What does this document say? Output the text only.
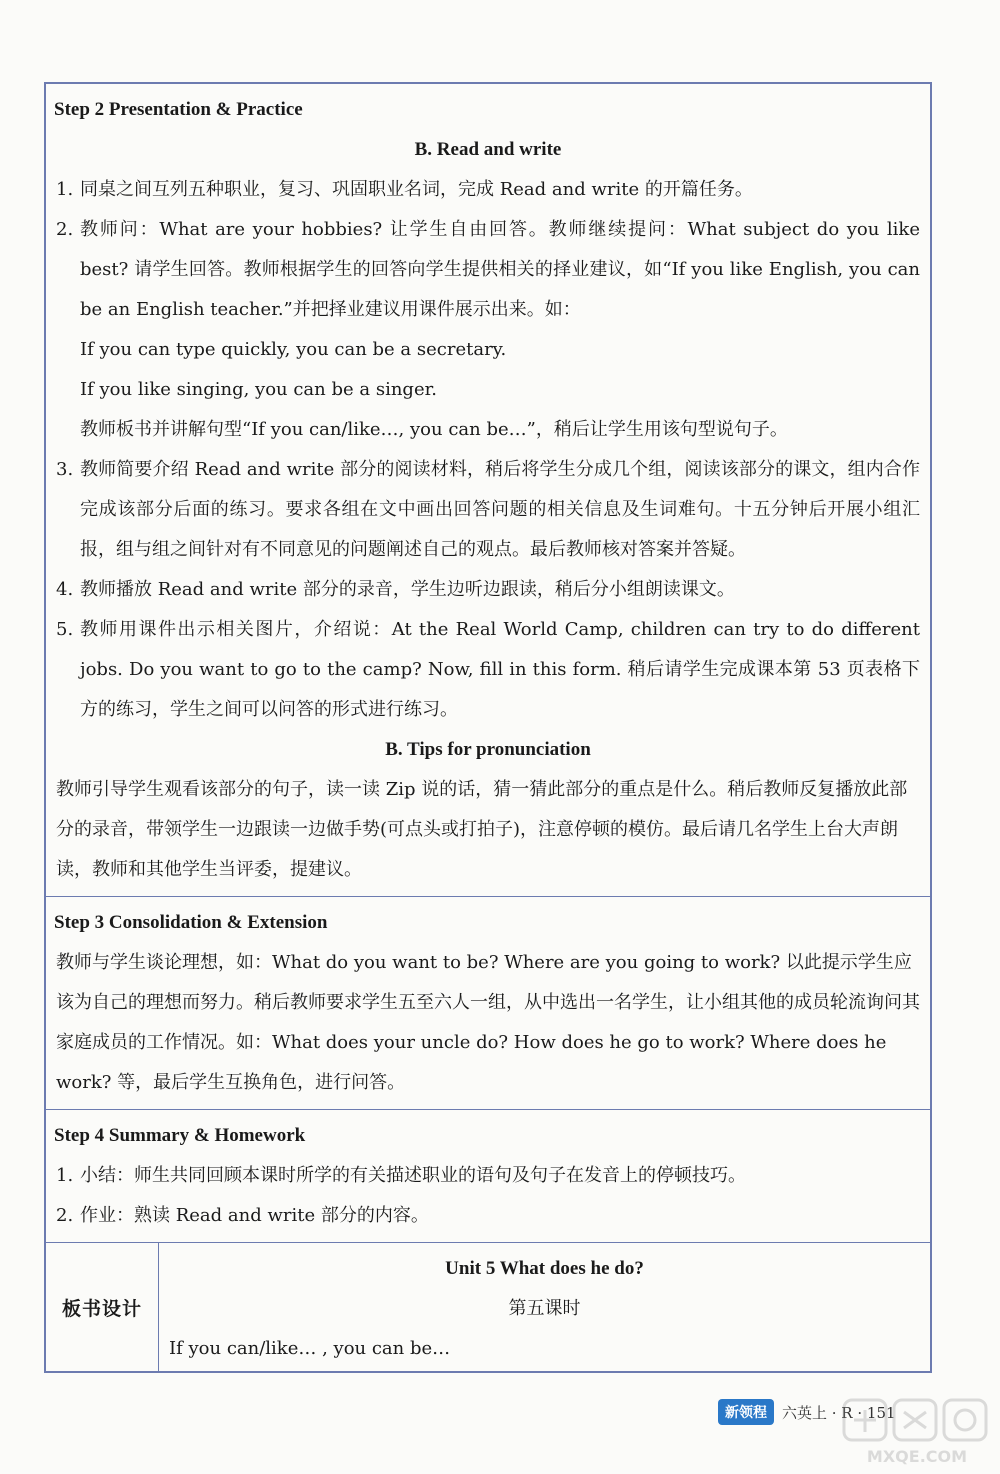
Step 2 Presentation & Practice
B. Read and write
1. 同桌之间互列五种职业，复习、巩固职业名词，完成 Read and write 的开篇任务。
2. 教师问：What are your hobbies? 让学生自由回答。教师继续提问：What subject do you like best? 请学生回答。教师根据学生的回答向学生提供相关的择业建议，如“If you like English, you can be an English teacher.”并把择业建议用课件展示出来。如：
If you can type quickly, you can be a secretary.
If you like singing, you can be a singer.
教师板书并讲解句型“If you can/like…, you can be…”，稍后让学生用该句型说句子。
3. 教师简要介绍 Read and write 部分的阅读材料，稍后将学生分成几个组，阅读该部分的课文，组内合作完成该部分后面的练习。要求各组在文中画出回答问题的相关信息及生词难句。十五分钟后开展小组汇报，组与组之间针对有不同意见的问题阐述自己的观点。最后教师核对答案并答疑。
4. 教师播放 Read and write 部分的录音，学生边听边跟读，稍后分小组朗读课文。
5. 教师用课件出示相关图片，介绍说：At the Real World Camp, children can try to do different jobs. Do you want to go to the camp? Now, fill in this form. 稍后请学生完成课本第 53 页表格下方的练习，学生之间可以问答的形式进行练习。
B. Tips for pronunciation
教师引导学生观看该部分的句子，读一读 Zip 说的话，猜一猜此部分的重点是什么。稍后教师反复播放此部分的录音，带领学生一边跟读一边做手势(可点头或打拍子)，注意停顿的模仿。最后请几名学生上台大声朗读，教师和其他学生当评委，提建议。
Step 3 Consolidation & Extension
教师与学生谈论理想，如：What do you want to be? Where are you going to work? 以此提示学生应该为自己的理想而努力。稍后教师要求学生五至六人一组，从中选出一名学生，让小组其他的成员轮流询问其家庭成员的工作情况。如：What does your uncle do? How does he go to work? Where does he work? 等，最后学生互换角色，进行问答。
Step 4 Summary & Homework
1. 小结：师生共同回顾本课时所学的有关描述职业的语句及句子在发音上的停顿技巧。
2. 作业：熟读 Read and write 部分的内容。
板书设计
Unit 5 What does he do?
第五课时
If you can/like… , you can be…
新领程	六英上 · R · 151
MXQE.COM
